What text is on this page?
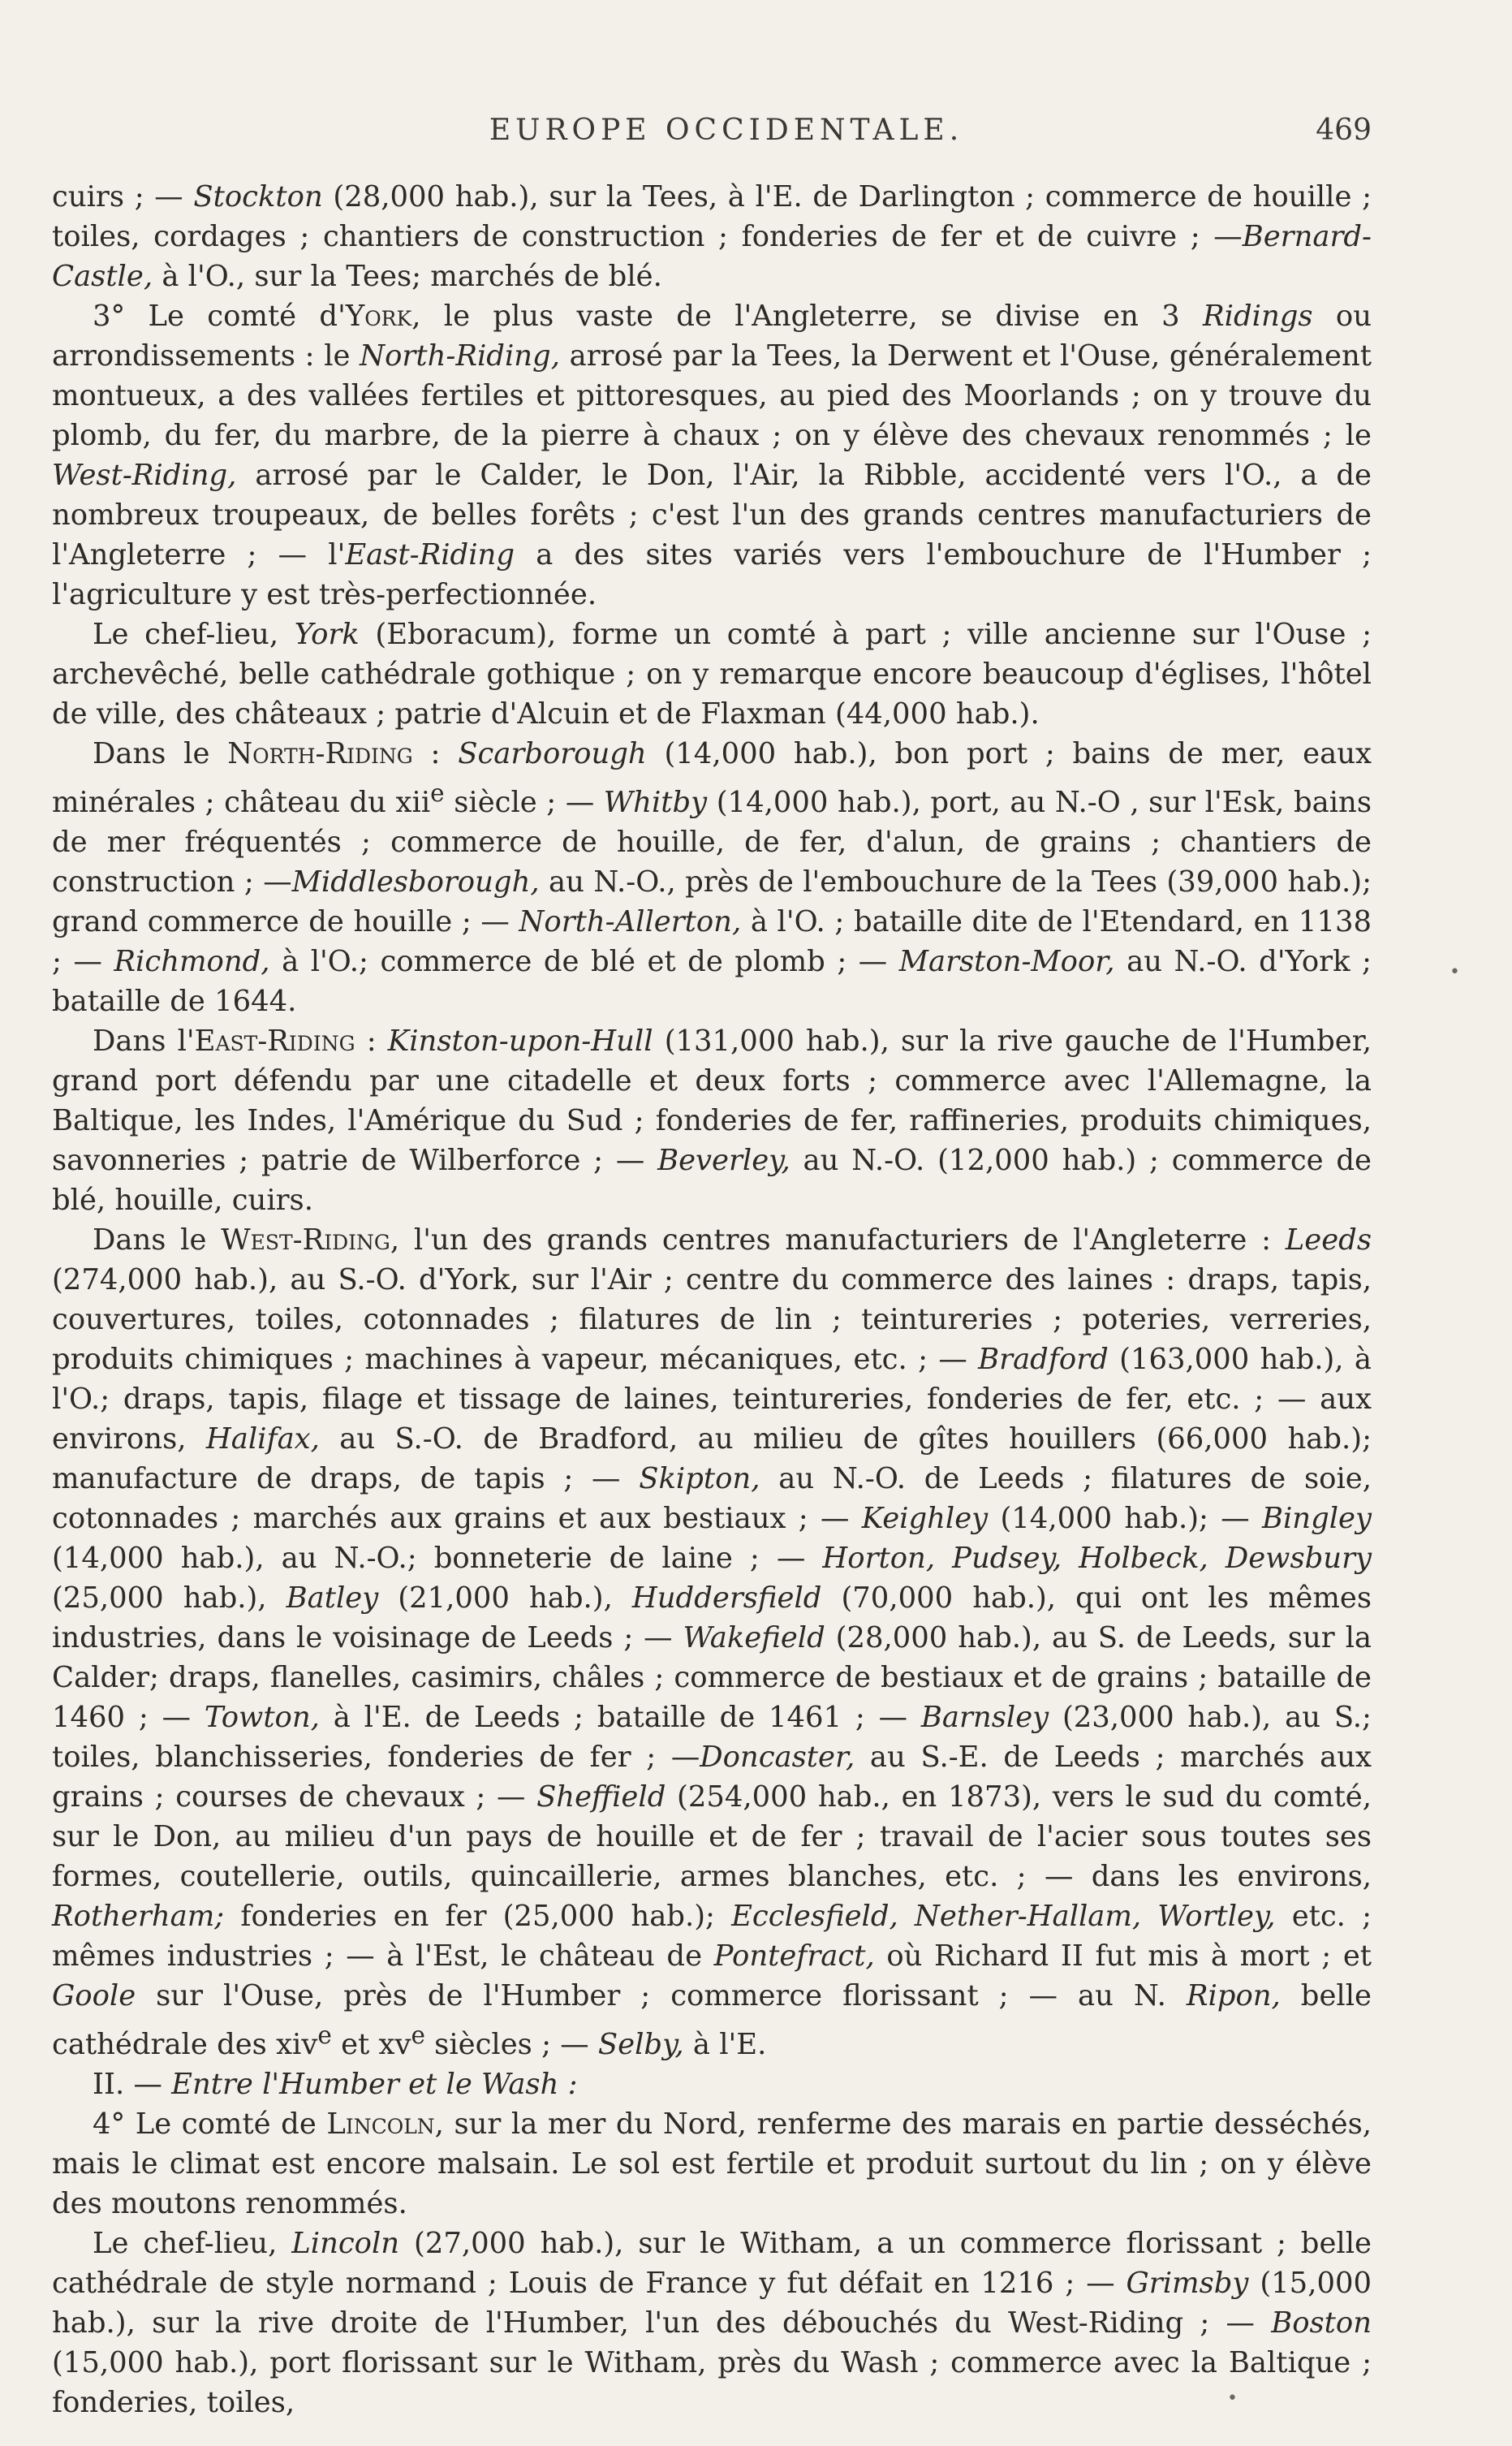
EUROPE OCCIDENTALE.	469

cuirs ; — Stockton (28,000 hab.), sur la Tees, à l'E. de Darlington ; commerce de houille ; toiles, cordages ; chantiers de construction ; fonderies de fer et de cuivre ; —Bernard-Castle, à l'O., sur la Tees; marchés de blé.

3° Le comté d'York, le plus vaste de l'Angleterre, se divise en 3 Ridings ou arrondissements : le North-Riding, arrosé par la Tees, la Derwent et l'Ouse, généralement montueux, a des vallées fertiles et pittoresques, au pied des Moorlands ; on y trouve du plomb, du fer, du marbre, de la pierre à chaux ; on y élève des chevaux renommés ; le West-Riding, arrosé par le Calder, le Don, l'Air, la Ribble, accidenté vers l'O., a de nombreux troupeaux, de belles forêts ; c'est l'un des grands centres manufacturiers de l'Angleterre ; — l'East-Riding a des sites variés vers l'embouchure de l'Humber ; l'agriculture y est très-perfectionnée.

Le chef-lieu, York (Eboracum), forme un comté à part ; ville ancienne sur l'Ouse ; archevêché, belle cathédrale gothique ; on y remarque encore beaucoup d'églises, l'hôtel de ville, des châteaux ; patrie d'Alcuin et de Flaxman (44,000 hab.).

Dans le North-Riding : Scarborough (14,000 hab.), bon port ; bains de mer, eaux minérales ; château du xii$^e$ siècle ; — Whitby (14,000 hab.), port, au N.-O , sur l'Esk, bains de mer fréquentés ; commerce de houille, de fer, d'alun, de grains ; chantiers de construction ; —Middlesborough, au N.-O., près de l'embouchure de la Tees (39,000 hab.); grand commerce de houille ; — North-Allerton, à l'O. ; bataille dite de l'Etendard, en 1138 ; — Richmond, à l'O.; commerce de blé et de plomb ; — Marston-Moor, au N.-O. d'York ; bataille de 1644.

Dans l'East-Riding : Kinston-upon-Hull (131,000 hab.), sur la rive gauche de l'Humber, grand port défendu par une citadelle et deux forts ; commerce avec l'Allemagne, la Baltique, les Indes, l'Amérique du Sud ; fonderies de fer, raffineries, produits chimiques, savonneries ; patrie de Wilberforce ; — Beverley, au N.-O. (12,000 hab.) ; commerce de blé, houille, cuirs.

Dans le West-Riding, l'un des grands centres manufacturiers de l'Angleterre : Leeds (274,000 hab.), au S.-O. d'York, sur l'Air ; centre du commerce des laines : draps, tapis, couvertures, toiles, cotonnades ; filatures de lin ; teintureries ; poteries, verreries, produits chimiques ; machines à vapeur, mécaniques, etc. ; — Bradford (163,000 hab.), à l'O.; draps, tapis, filage et tissage de laines, teintureries, fonderies de fer, etc. ; — aux environs, Halifax, au S.-O. de Bradford, au milieu de gîtes houillers (66,000 hab.); manufacture de draps, de tapis ; — Skipton, au N.-O. de Leeds ; filatures de soie, cotonnades ; marchés aux grains et aux bestiaux ; — Keighley (14,000 hab.); — Bingley (14,000 hab.), au N.-O.; bonneterie de laine ; — Horton, Pudsey, Holbeck, Dewsbury (25,000 hab.), Batley (21,000 hab.), Huddersfield (70,000 hab.), qui ont les mêmes industries, dans le voisinage de Leeds ; — Wakefield (28,000 hab.), au S. de Leeds, sur la Calder; draps, flanelles, casimirs, châles ; commerce de bestiaux et de grains ; bataille de 1460 ; — Towton, à l'E. de Leeds ; bataille de 1461 ; — Barnsley (23,000 hab.), au S.; toiles, blanchisseries, fonderies de fer ; —Doncaster, au S.-E. de Leeds ; marchés aux grains ; courses de chevaux ; — Sheffield (254,000 hab., en 1873), vers le sud du comté, sur le Don, au milieu d'un pays de houille et de fer ; travail de l'acier sous toutes ses formes, coutellerie, outils, quincaillerie, armes blanches, etc. ; — dans les environs, Rotherham; fonderies en fer (25,000 hab.); Ecclesfield, Nether-Hallam, Wortley, etc. ; mêmes industries ; — à l'Est, le château de Pontefract, où Richard II fut mis à mort ; et Goole sur l'Ouse, près de l'Humber ; commerce florissant ; — au N. Ripon, belle cathédrale des xiv$^e$ et $xv^e$ siècles ; — Selby, à l'E.

II. — Entre l'Humber et le Wash :

4° Le comté de Lincoln, sur la mer du Nord, renferme des marais en partie desséchés, mais le climat est encore malsain. Le sol est fertile et produit surtout du lin ; on y élève des moutons renommés.

Le chef-lieu, Lincoln (27,000 hab.), sur le Witham, a un commerce florissant ; belle cathédrale de style normand ; Louis de France y fut défait en 1216 ; — Grimsby (15,000 hab.), sur la rive droite de l'Humber, l'un des débouchés du West-Riding ; — Boston (15,000 hab.), port florissant sur le Witham, près du Wash ; commerce avec la Baltique ; fonderies, toiles,

•
•
